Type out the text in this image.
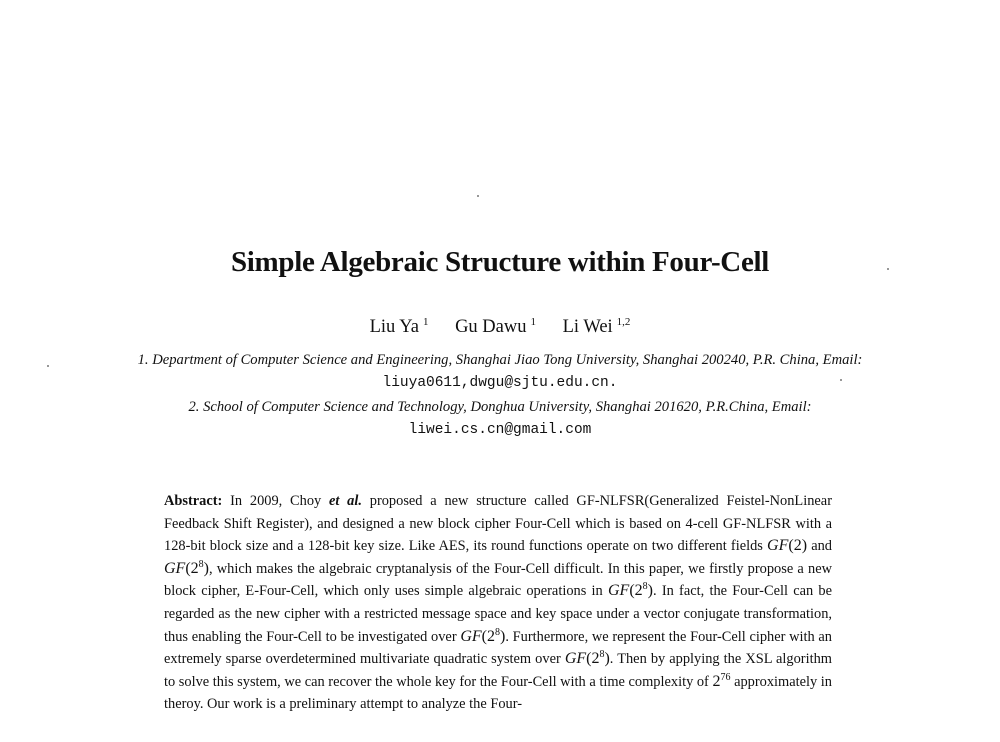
Simple Algebraic Structure within Four-Cell
Liu Ya $^1$ Gu Dawu $^1$ Li Wei $^{1,2}$
1. Department of Computer Science and Engineering, Shanghai Jiao Tong University, Shanghai 200240, P.R. China, Email: liuya0611,dwgu@sjtu.edu.cn.
2. School of Computer Science and Technology, Donghua University, Shanghai 201620, P.R.China, Email: liwei.cs.cn@gmail.com
Abstract: In 2009, Choy et al. proposed a new structure called GF-NLFSR(Generalized Feistel-NonLinear Feedback Shift Register), and designed a new block cipher Four-Cell which is based on 4-cell GF-NLFSR with a 128-bit block size and a 128-bit key size. Like AES, its round functions operate on two different fields GF(2) and $GF(2^8)$, which makes the algebraic cryptanalysis of the Four-Cell difficult. In this paper, we firstly propose a new block cipher, E-Four-Cell, which only uses simple algebraic operations in $GF(2^8)$. In fact, the Four-Cell can be regarded as the new cipher with a restricted message space and key space under a vector conjugate transformation, thus enabling the Four-Cell to be investigated over $GF(2^8)$. Furthermore, we represent the Four-Cell cipher with an extremely sparse overdetermined multivariate quadratic system over $GF(2^8)$. Then by applying the XSL algorithm to solve this system, we can recover the whole key for the Four-Cell with a time complexity of $2^{76}$ approximately in theroy. Our work is a preliminary attempt to analyze the Four-
